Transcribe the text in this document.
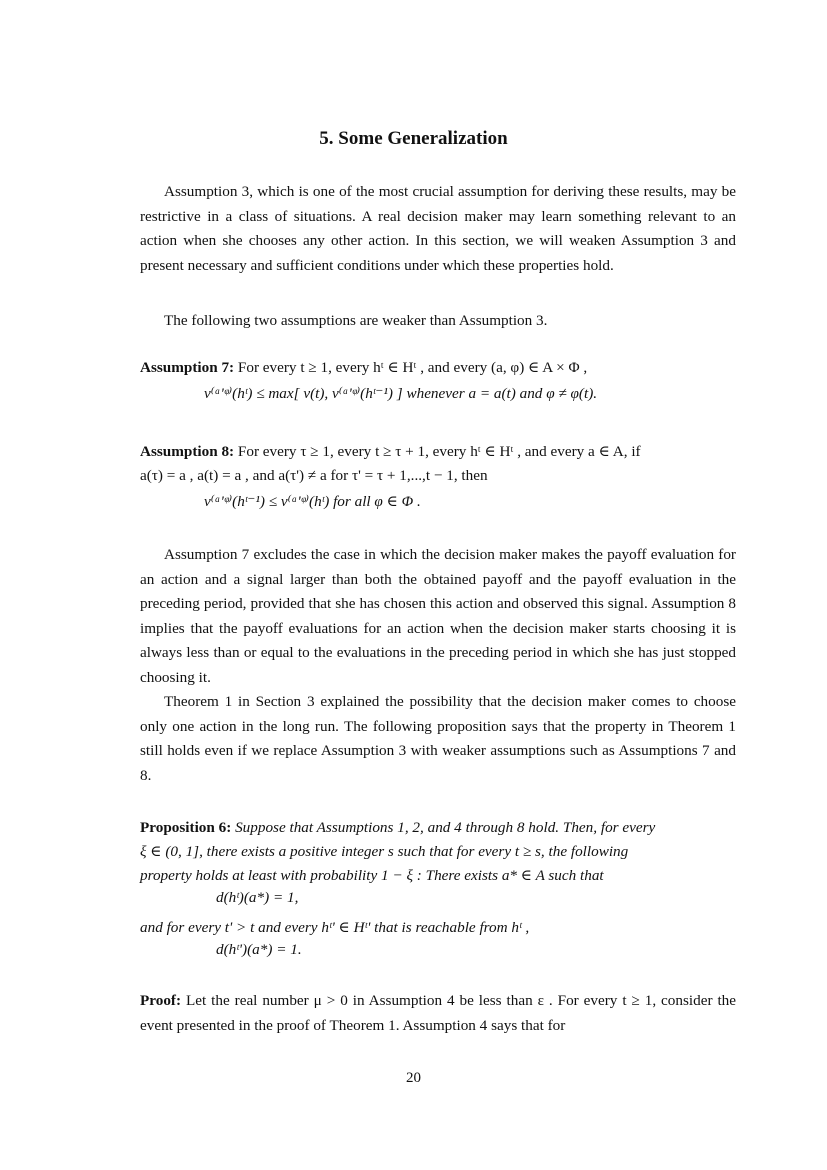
5. Some Generalization

Assumption 3, which is one of the most crucial assumption for deriving these results, may be restrictive in a class of situations. A real decision maker may learn something relevant to an action when she chooses any other action. In this section, we will weaken Assumption 3 and present necessary and sufficient conditions under which these properties hold.

The following two assumptions are weaker than Assumption 3.

Assumption 7: For every t ≥ 1, every hᵗ ∈ Hᵗ , and every (a, φ) ∈ A × Φ ,

v⁽ᵃ'ᵠ⁾(hᵗ) ≤ max[ v(t), v⁽ᵃ'ᵠ⁾(hᵗ⁻¹) ] whenever a = a(t) and φ ≠ φ(t).

Assumption 8: For every τ ≥ 1, every t ≥ τ + 1, every hᵗ ∈ Hᵗ , and every a ∈ A, if

a(τ) = a , a(t) = a , and a(τ') ≠ a for τ' = τ + 1,...,t − 1, then

v⁽ᵃ'ᵠ⁾(hᵗ⁻¹) ≤ v⁽ᵃ'ᵠ⁾(hᵗ) for all φ ∈ Φ .

Assumption 7 excludes the case in which the decision maker makes the payoff evaluation for an action and a signal larger than both the obtained payoff and the payoff evaluation in the preceding period, provided that she has chosen this action and observed this signal. Assumption 8 implies that the payoff evaluations for an action when the decision maker starts choosing it is always less than or equal to the evaluations in the preceding period in which she has just stopped choosing it.

Theorem 1 in Section 3 explained the possibility that the decision maker comes to choose only one action in the long run. The following proposition says that the property in Theorem 1 still holds even if we replace Assumption 3 with weaker assumptions such as Assumptions 7 and 8.

Proposition 6: Suppose that Assumptions 1, 2, and 4 through 8 hold. Then, for every

ξ ∈ (0, 1], there exists a positive integer s such that for every t ≥ s, the following

property holds at least with probability 1 − ξ : There exists a* ∈ A such that

d(hᵗ)(a*) = 1,

and for every t' > t and every hᵗ' ∈ Hᵗ' that is reachable from hᵗ ,

d(hᵗ')(a*) = 1.

Proof: Let the real number μ > 0 in Assumption 4 be less than ε . For every t ≥ 1, consider the event presented in the proof of Theorem 1. Assumption 4 says that for

20
